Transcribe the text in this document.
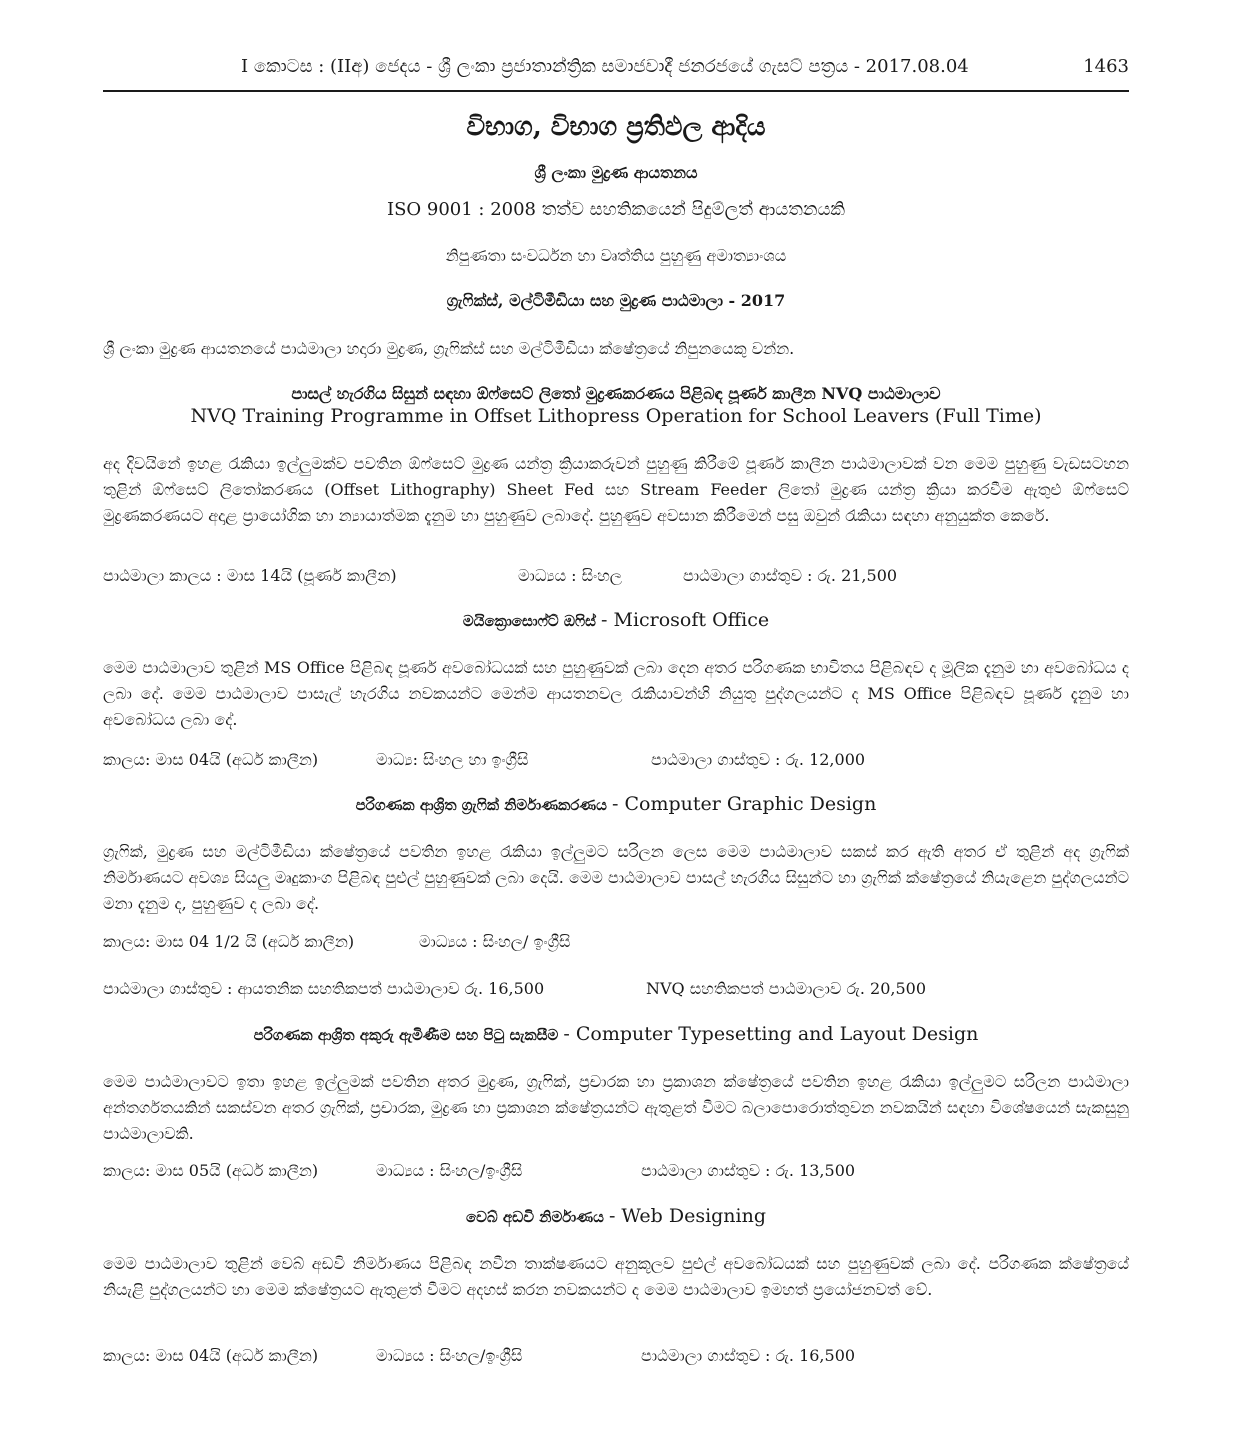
I කොටස : (IIඅ) ජෙදය - ශ්‍රී ලංකා ප්‍රජාතාන්ත්‍රික සමාජවාදී ජනරජයේ ගැසට් පත්‍රය - 2017.08.04	1463
විභාග, විභාග ප්‍රතිඵල ආදිය
ශ්‍රී ලංකා මුද්‍රණ ආයතනය
ISO 9001 : 2008 තත්ව සහතිකයෙන් පිදුම්ලත් ආයතනයකි
නිපුණතා සංවර්ධන හා වෘත්තිය පුහුණු අමාත්‍යාංශය
ග්‍රැෆික්ස්, මල්ටිමීඩියා සහ මුද්‍රණ පාඨමාලා - 2017
ශ්‍රී ලංකා මුද්‍රණ ආයතනයේ පාඨමාලා හදාරා මුද්‍රණ, ග්‍රැෆික්ස් සහ මල්ටිමීඩියා ක්ෂේත්‍රයේ නිපුනයෙකු වන්න.
පාසල් හැරගිය සිසුන් සඳහා ඕෆ්සෙට් ලිතෝ මුද්‍රණකරණය පිළිබඳ පූර්ණ කාලීන NVQ පාඨමාලාව
NVQ Training Programme in Offset Lithopress Operation for School Leavers (Full Time)
අද දිවයිනේ ඉහළ රැකියා ඉල්ලුමක්ව පවතින ඕෆ්සෙට් මුද්‍රණ යන්ත්‍ර ක්‍රියාකරුවන් පුහුණු කිරීමේ පූර්ණ කාලීන පාඨමාලාවක් වන මෙම පුහුණු වැඩසටහන තුළින් ඕෆ්සෙට් ලිතෝකරණය (Offset Lithography) Sheet Fed සහ Stream Feeder ලිතෝ මුද්‍රණ යන්ත්‍ර ක්‍රියා කරවීම ඇතුළු ඕෆ්සෙට් මුද්‍රණකරණයට අදාළ ප්‍රායෝගික හා න්‍යායාත්මක දැනුම හා පුහුණුව ලබාදේ. පුහුණුව අවසාන කිරීමෙන් පසු ඔවුන් රැකියා සඳහා අනුයුක්ත කෙරේ.
පාඨමාලා කාලය : මාස 14යි (පූර්ණ කාලීන)	මාධ්‍යය : සිංහල	පාඨමාලා ගාස්තුව : රු. 21,500
මයික්‍රොසොෆ්ට් ඔෆිස් - Microsoft Office
මෙම පාඨමාලාව තුළින් MS Office පිළිබඳ පූර්ණ අවබෝධයක් සහ පුහුණුවක් ලබා දෙන අතර පරිගණක භාවිතය පිළිබඳව ද මූලික දැනුම හා අවබෝධය ද ලබා දේ. මෙම පාඨමාලාව පාසැල් හැරගිය නවකයන්ට මෙන්ම ආයතනවල රැකියාවන්හි නියුතු පුද්ගලයන්ට ද MS Office පිළිබඳව පූර්ණ දැනුම හා අවබෝධය ලබා දේ.
කාලය: මාස 04යි (අර්ධ කාලීන)	මාධ්‍ය: සිංහල හා ඉංග්‍රීසි	පාඨමාලා ගාස්තුව : රු. 12,000
පරිගණක ආශ්‍රිත ග්‍රැෆික් නිර්මාණකරණය - Computer Graphic Design
ග්‍රැෆික්, මුද්‍රණ සහ මල්ටිමීඩියා ක්ෂේත්‍රයේ පවතින ඉහළ රැකියා ඉල්ලුමට සරිලන ලෙස මෙම පාඨමාලාව සකස් කර ඇති අතර ඒ තුළින් අද ග්‍රැෆික් නිර්මාණයට අවශ්‍ය සියලු මෘදුකාංග පිළිබඳ පුළුල් පුහුණුවක් ලබා දෙයි. මෙම පාඨමාලාව පාසල් හැරගිය සිසුන්ට හා ග්‍රැෆික් ක්ෂේත්‍රයේ නියැළෙන පුද්ගලයන්ට මනා දැනුම ද, පුහුණුව ද ලබා දේ.
කාලය: මාස 04 1/2 යි (අර්ධ කාලීන)	මාධ්‍යය : සිංහල/ ඉංග්‍රීසි
පාඨමාලා ගාස්තුව : ආයතනික සහතිකපත් පාඨමාලාව රු. 16,500	NVQ සහතිකපත් පාඨමාලාව රු. 20,500
පරිගණක ආශ්‍රිත අකුරු ඇමිණීම සහ පිටු සැකසීම - Computer Typesetting and Layout Design
මෙම පාඨමාලාවට ඉතා ඉහළ ඉල්ලුමක් පවතින අතර මුද්‍රණ, ග්‍රැෆික්, ප්‍රචාරක හා ප්‍රකාශන ක්ෂේත්‍රයේ පවතින ඉහළ රැකියා ඉල්ලුමට සරිලන පාඨමාලා අන්තර්ගතයකින් සකස්වන අතර ග්‍රැෆික්, ප්‍රචාරක, මුද්‍රණ හා ප්‍රකාශන ක්ෂේත්‍රයන්ට ඇතුළත් වීමට බලාපොරොත්තුවන නවකයින් සඳහා විශේෂයෙන් සැකසුනු පාඨමාලාවකි.
කාලය: මාස 05යි (අර්ධ කාලීන)	මාධ්‍යය : සිංහල/ඉංග්‍රීසි	පාඨමාලා ගාස්තුව : රු. 13,500
වෙබ් අඩවි නිර්මාණය - Web Designing
මෙම පාඨමාලාව තුළින් වෙබ් අඩවි නිර්මාණය පිළිබඳ නවීන තාක්ෂණයට අනුකූලව පුළුල් අවබෝධයක් සහ පුහුණුවක් ලබා දේ. පරිගණක ක්ෂේත්‍රයේ නියැළි පුද්ගලයන්ට හා මෙම ක්ෂේත්‍රයට ඇතුළත් වීමට අදහස් කරන නවකයන්ට ද මෙම පාඨමාලාව ඉමහත් ප්‍රයෝජනවත් වේ.
කාලය: මාස 04යි (අර්ධ කාලීන)	මාධ්‍යය : සිංහල/ඉංග්‍රීසි	පාඨමාලා ගාස්තුව : රු. 16,500
